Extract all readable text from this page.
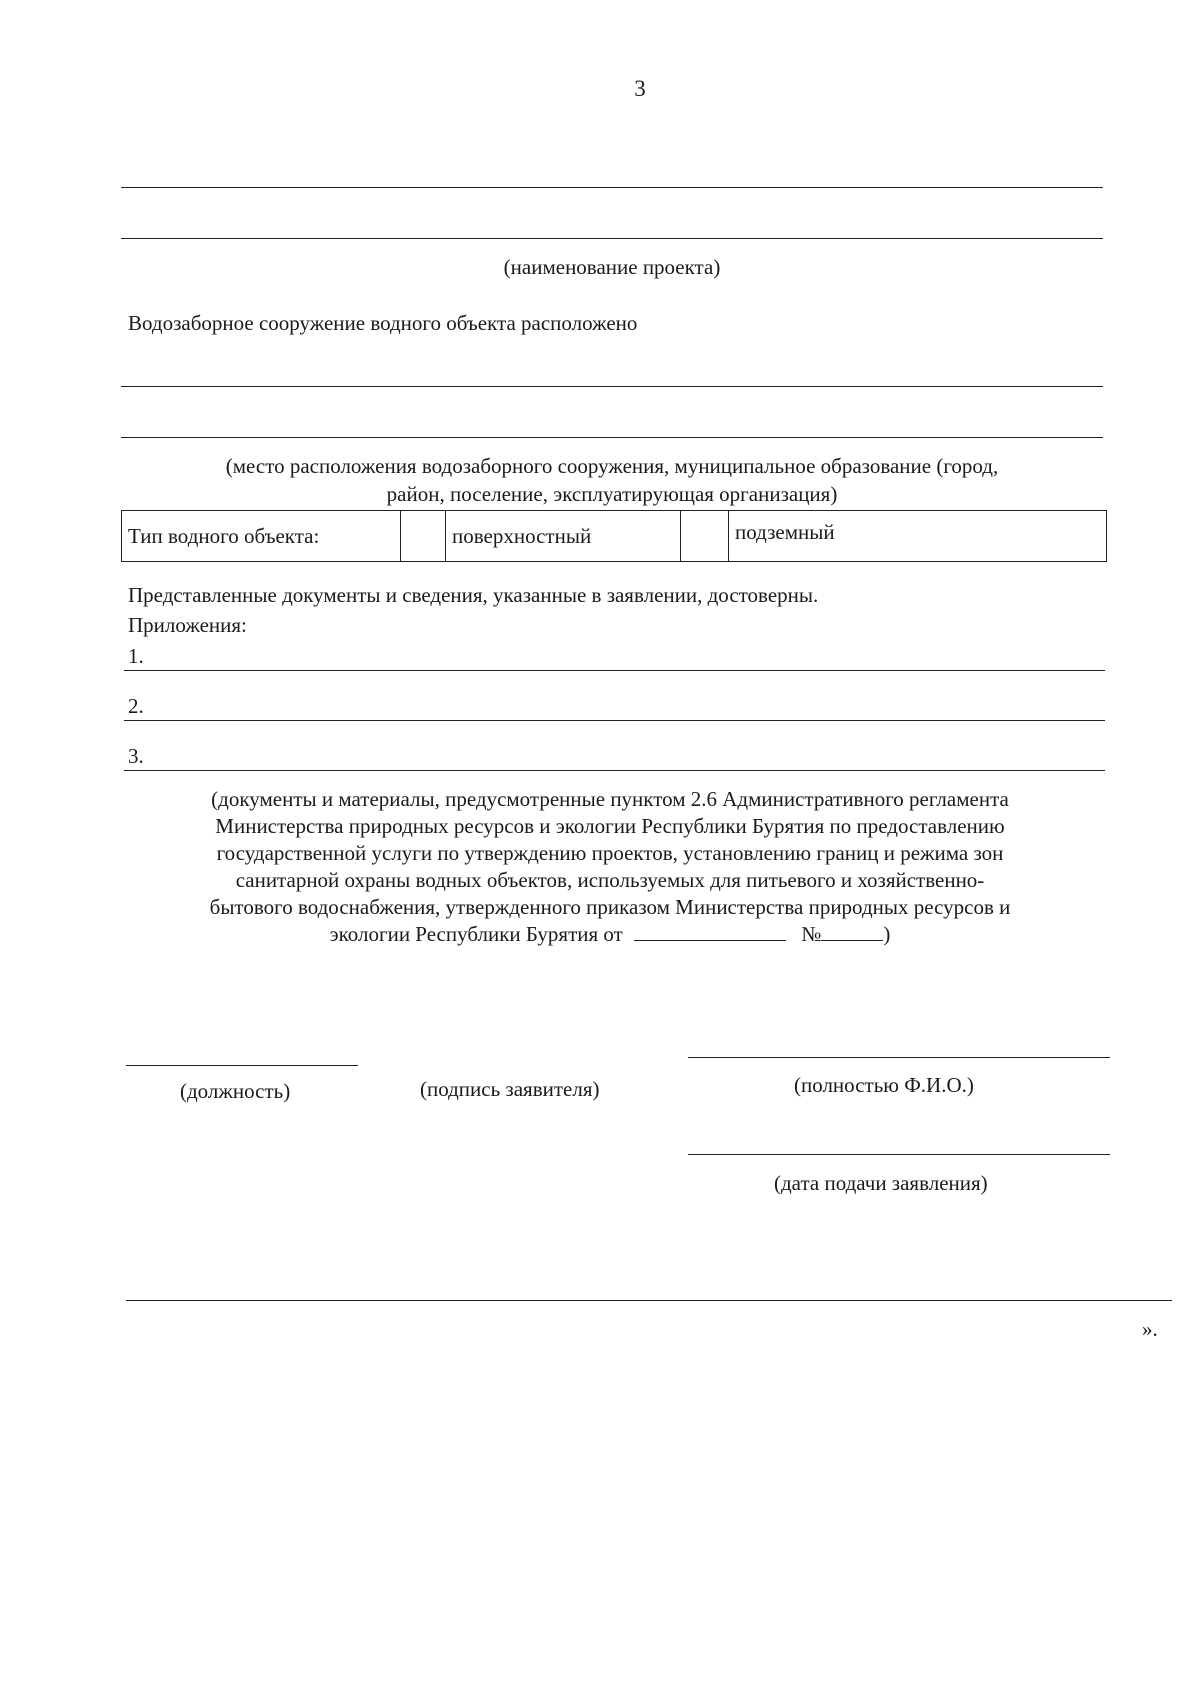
3
(наименование проекта)
Водозаборное сооружение водного объекта расположено
(место расположения водозаборного сооружения, муниципальное образование (город,
район, поселение, эксплуатирующая организация)
Тип водного объекта:	поверхностный	подземный
Представленные документы и сведения, указанные в заявлении, достоверны.
Приложения:
1.
2.
3.
(документы и материалы, предусмотренные пунктом 2.6 Административного регламента
Министерства природных ресурсов и экологии Республики Бурятия по предоставлению
государственной услуги по утверждению проектов, установлению границ и режима зон
санитарной охраны водных объектов, используемых для питьевого и хозяйственно-
бытового водоснабжения, утвержденного приказом Министерства природных ресурсов и
экологии Республики Бурятия от	№	)
(должность)	(подпись заявителя)	(полностью Ф.И.О.)
(дата подачи заявления)
».
